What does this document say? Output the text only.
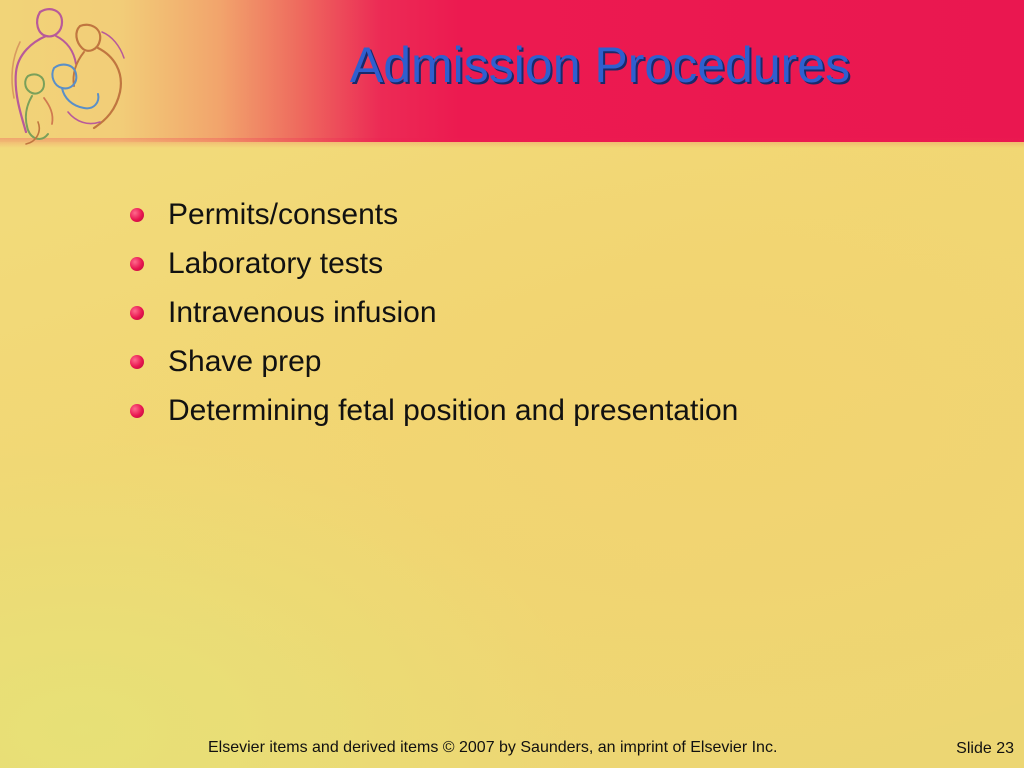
Admission Procedures
Permits/consents
Laboratory tests
Intravenous infusion
Shave prep
Determining fetal position and presentation
Elsevier items and derived items © 2007 by Saunders, an imprint of Elsevier Inc.	Slide 23
